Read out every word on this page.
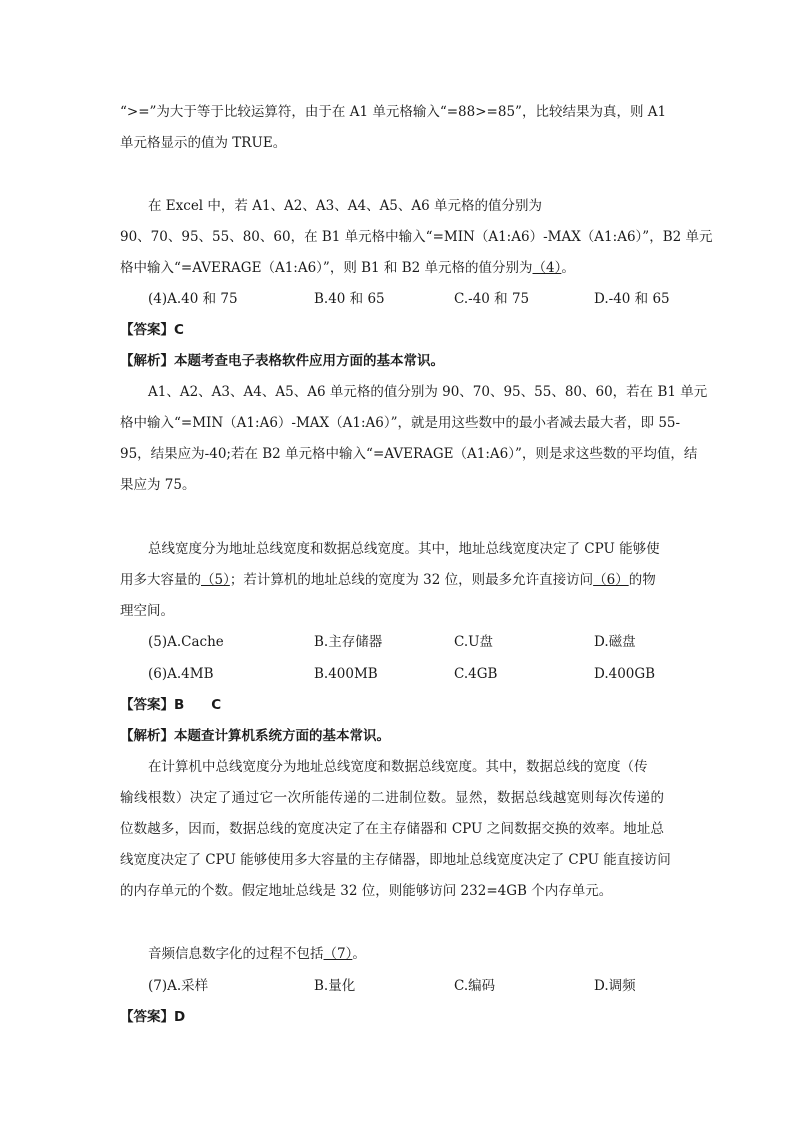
“>=”为大于等于比较运算符，由于在 A1 单元格输入“=88>=85”，比较结果为真，则 A1
单元格显示的值为 TRUE。
在 Excel 中，若 A1、A2、A3、A4、A5、A6 单元格的值分别为
90、70、95、55、80、60，在 B1 单元格中输入“=MIN（A1:A6）-MAX（A1:A6）”，B2 单元
格中输入“=AVERAGE（A1:A6）”，则 B1 和 B2 单元格的值分别为（4）。
(4)A.40 和 75	B.40 和 65	C.-40 和 75	D.-40 和 65
【答案】C
【解析】本题考查电子表格软件应用方面的基本常识。
A1、A2、A3、A4、A5、A6 单元格的值分别为 90、70、95、55、80、60，若在 B1 单元
格中输入“=MIN（A1:A6）-MAX（A1:A6）”，就是用这些数中的最小者减去最大者，即 55-
95，结果应为-40;若在 B2 单元格中输入“=AVERAGE（A1:A6）”，则是求这些数的平均值，结
果应为 75。
总线宽度分为地址总线宽度和数据总线宽度。其中，地址总线宽度决定了 CPU 能够使
用多大容量的（5）；若计算机的地址总线的宽度为 32 位，则最多允许直接访问（6）的物
理空间。
(5)A.Cache	B.主存储器	C.U盘	D.磁盘
(6)A.4MB	B.400MB	C.4GB	D.400GB
【答案】B　　C
【解析】本题查计算机系统方面的基本常识。
在计算机中总线宽度分为地址总线宽度和数据总线宽度。其中，数据总线的宽度（传
输线根数）决定了通过它一次所能传递的二进制位数。显然，数据总线越宽则每次传递的
位数越多，因而，数据总线的宽度决定了在主存储器和 CPU 之间数据交换的效率。地址总
线宽度决定了 CPU 能够使用多大容量的主存储器，即地址总线宽度决定了 CPU 能直接访问
的内存单元的个数。假定地址总线是 32 位，则能够访问 232=4GB 个内存单元。
音频信息数字化的过程不包括（7）。
(7)A.采样	B.量化	C.编码	D.调频
【答案】D
